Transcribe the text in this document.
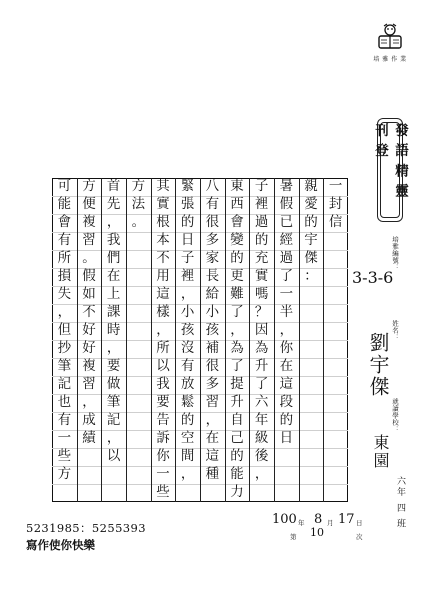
培 雅 作 業
發 語 精 靈 刊 登
培雅編號：
3-3-6
姓名：
劉宇傑
就讀學校：
東園
六年 四 班
一
封
信
親
愛
的
宇
傑
：
暑
假
已
經
過
了
一
半
，
你
在
這
段
的
日
子
裡
過
的
充
實
嗎
？
因
為
升
了
六
年
級
後
，
東
西
會
變
的
更
難
了
，
為
了
提
升
自
己
的
能
力
八
有
很
多
家
長
給
小
孩
補
很
多
習
，
在
這
種
緊
張
的
日
子
裡
，
小
孩
沒
有
放
鬆
的
空
間
，
其
實
根
本
不
用
這
樣
，
所
以
我
要
告
訴
你
一
些
方
法
。
首
先
，
我
們
在
上
課
時
，
要
做
筆
記
，
以
方
便
複
習
。
假
如
不
好
好
複
習
，
成
績
可
能
會
有
所
損
失
，
但
抄
筆
記
也
有
一
些
方
5231985：5255393
寫作使你快樂
100 年 8 月 17 日
第 10	次
